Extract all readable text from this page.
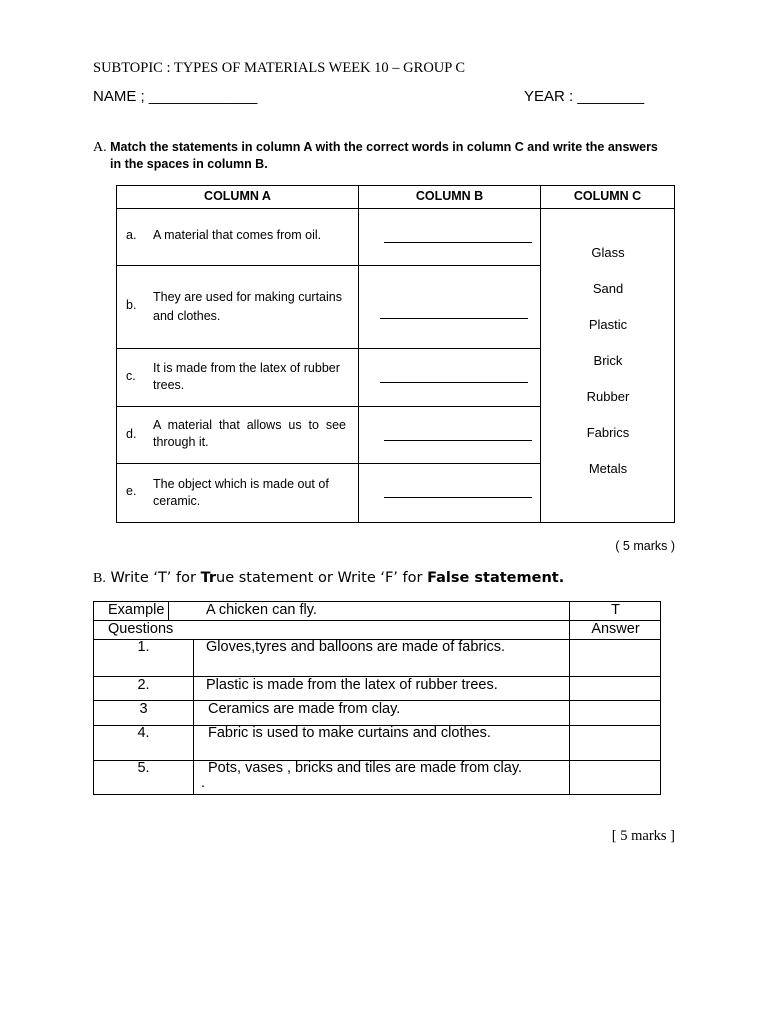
SUBTOPIC : TYPES OF MATERIALS WEEK 10 – GROUP C
NAME ; _____________	YEAR : ________
A. Match the statements in column A with the correct words in column C and write the answers
in the spaces in column B.
COLUMN A	COLUMN B	COLUMN C
a. A material that comes from oil.
b.
They are used for making curtains and clothes.
c.
It is made from the latex of rubber trees.
d.
A material that allows us to see through it.
e. The object which is made out of ceramic.
Glass
Sand
Plastic
Brick
Rubber
Fabrics
Metals
( 5 marks )
B. Write ‘T’ for True statement or Write ‘F’ for False statement.
Example	A chicken can fly.	T
Questions	Answer
1.	Gloves,tyres and balloons are made of fabrics.
2.	Plastic is made from the latex of rubber trees.
3	Ceramics are made from clay.
4.	Fabric is used to make curtains and clothes.
5.	Pots, vases , bricks and tiles are made from clay.
.
[ 5 marks ]
